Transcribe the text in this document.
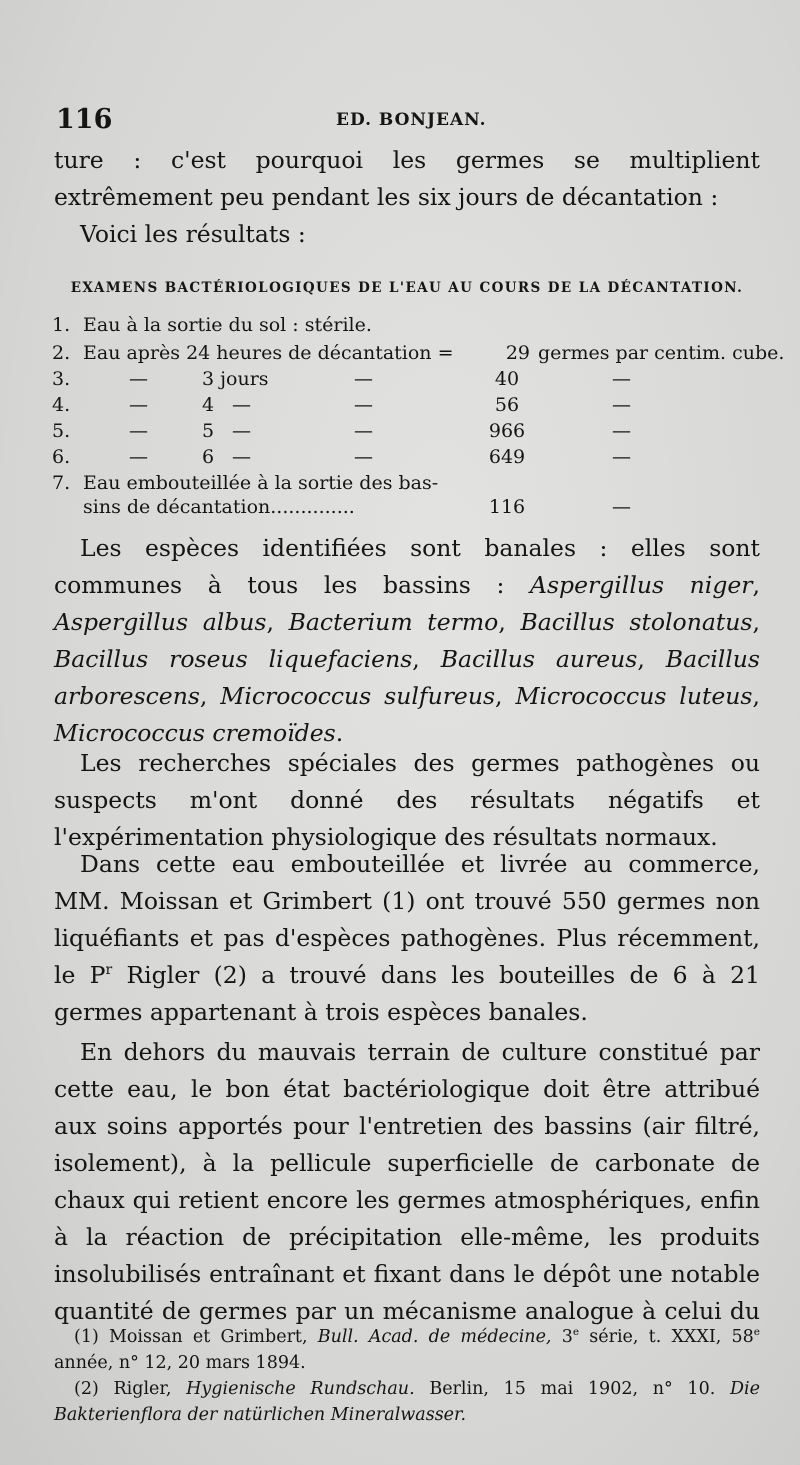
116	ED. BONJEAN.

ture : c'est pourquoi les germes se multiplient extrêmement peu pendant les six jours de décantation :

Voici les résultats :

EXAMENS BACTÉRIOLOGIQUES DE L'EAU AU COURS DE LA DÉCANTATION.
1. Eau à la sortie du sol : stérile.
2. Eau après 24 heures de décantation =	29 germes par centim. cube.
3.	—	3 jours	—	40	—
4.	—	4 —	—	56	—
5.	—	5 —	—	966	—
6.	—	6 —	—	649	—
7. Eau embouteillée à la sortie des bas-
sins de décantation..............	116	—

Les espèces identifiées sont banales : elles sont communes à tous les bassins : Aspergillus niger, Aspergillus albus, Bacterium termo, Bacillus stolonatus, Bacillus roseus liquefaciens, Bacillus aureus, Bacillus arborescens, Micrococcus sulfureus, Micrococcus luteus, Micrococcus cremoïdes.

Les recherches spéciales des germes pathogènes ou suspects m'ont donné des résultats négatifs et l'expérimentation physiologique des résultats normaux.

Dans cette eau embouteillée et livrée au commerce, MM. Moissan et Grimbert (1) ont trouvé 550 germes non liquéfiants et pas d'espèces pathogènes. Plus récemment, le $P^r$ Rigler (2) a trouvé dans les bouteilles de 6 à 21 germes appartenant à trois espèces banales.

En dehors du mauvais terrain de culture constitué par cette eau, le bon état bactériologique doit être attribué aux soins apportés pour l'entretien des bassins (air filtré, isolement), à la pellicule superficielle de carbonate de chaux qui retient encore les germes atmosphériques, enfin à la réaction de précipitation elle-même, les produits insolubilisés entraînant et fixant dans le dépôt une notable quantité de germes par un mécanisme analogue à celui du

(1) Moissan et Grimbert, Bull. Acad. de médecine, 3e série, t. XXXI, 58e année, n° 12, 20 mars 1894.

(2) Rigler, Hygienische Rundschau. Berlin, 15 mai 1902, n° 10. Die Bakterienflora der natürlichen Mineralwasser.
